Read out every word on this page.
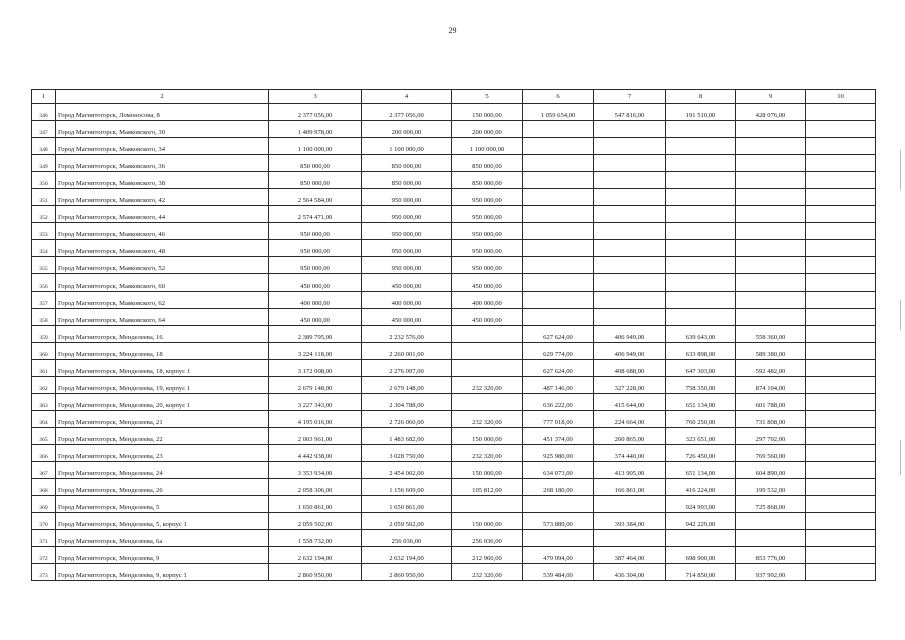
29
1	2	3	4	5	6	7	8	9	10
346	Город Магнитогорск, Ломоносова, 8	2 377 056,00	2 377 056,00	150 000,00	1 059 654,00	547 816,00	191 510,00	428 076,00	
347	Город Магнитогорск, Маяковского, 30	1 409 978,00	200 000,00	200 000,00					
348	Город Магнитогорск, Маяковского, 34	1 100 000,00	1 100 000,00	1 100 000,00					
349	Город Магнитогорск, Маяковского, 36	850 000,00	850 000,00	850 000,00					
350	Город Магнитогорск, Маяковского, 38	850 000,00	850 000,00	850 000,00					
351	Город Магнитогорск, Маяковского, 42	2 564 584,00	950 000,00	950 000,00					
352	Город Магнитогорск, Маяковского, 44	2 574 471,00	950 000,00	950 000,00					
353	Город Магнитогорск, Маяковского, 46	950 000,00	950 000,00	950 000,00					
354	Город Магнитогорск, Маяковского, 48	950 000,00	950 000,00	950 000,00					
355	Город Магнитогорск, Маяковского, 52	950 000,00	950 000,00	950 000,00					
356	Город Магнитогорск, Маяковского, 60	450 000,00	450 000,00	450 000,00					
357	Город Магнитогорск, Маяковского, 62	400 000,00	400 000,00	400 000,00					
358	Город Магнитогорск, Маяковского, 64	450 000,00	450 000,00	450 000,00					
359	Город Магнитогорск, Менделеева, 16	2 389 795,00	2 232 576,00		627 624,00	406 949,00	639 643,00	558 360,00	
360	Город Магнитогорск, Менделеева, 18	3 224 118,00	2 260 001,00		629 774,00	406 949,00	633 898,00	589 380,00	
361	Город Магнитогорск, Менделеева, 18, корпус 1	3 172 008,00	2 276 097,00		627 624,00	408 688,00	647 303,00	592 482,00	
362	Город Магнитогорск, Менделеева, 19, корпус 1	2 679 148,00	2 679 148,00	232 320,00	487 146,00	327 228,00	758 350,00	874 104,00	
363	Город Магнитогорск, Менделеева, 20, корпус 1	3 227 343,00	2 304 788,00		636 222,00	415 644,00	651 134,00	601 788,00	
364	Город Магнитогорск, Менделеева, 21	4 195 016,00	2 726 060,00	232 320,00	777 018,00	224 664,00	760 250,00	731 808,00	
365	Город Магнитогорск, Менделеева, 22	2 003 961,00	1 483 682,00	150 000,00	451 374,00	260 865,00	323 651,00	297 792,00	
366	Город Магнитогорск, Менделеева, 23	4 442 938,00	3 028 750,00	232 320,00	925 980,00	374 440,00	726 450,00	769 560,00	
367	Город Магнитогорск, Менделеева, 24	3 353 934,00	2 454 002,00	150 000,00	634 073,00	413 905,00	651 134,00	604 890,00	
368	Город Магнитогорск, Менделеева, 26	2 058 306,00	1 156 609,00	105 812,00	268 180,00	166 861,00	416 224,00	199 532,00	
369	Город Магнитогорск, Менделеева, 5	1 650 861,00	1 650 861,00				924 993,00	725 868,00	
370	Город Магнитогорск, Менделеева, 5, корпус 1	2 059 502,00	2 059 502,00	150 000,00	573 889,00	393 384,00	942 229,00		
371	Город Магнитогорск, Менделеева, 6а	1 558 732,00	256 036,00	256 036,00					
372	Город Магнитогорск, Менделеева, 9	2 632 194,00	2 632 194,00	212 960,00	479 094,00	387 464,00	698 900,00	853 776,00	
373	Город Магнитогорск, Менделеева, 9, корпус 1	2 860 950,00	2 860 950,00	232 320,00	539 484,00	436 304,00	714 850,00	937 992,00	
